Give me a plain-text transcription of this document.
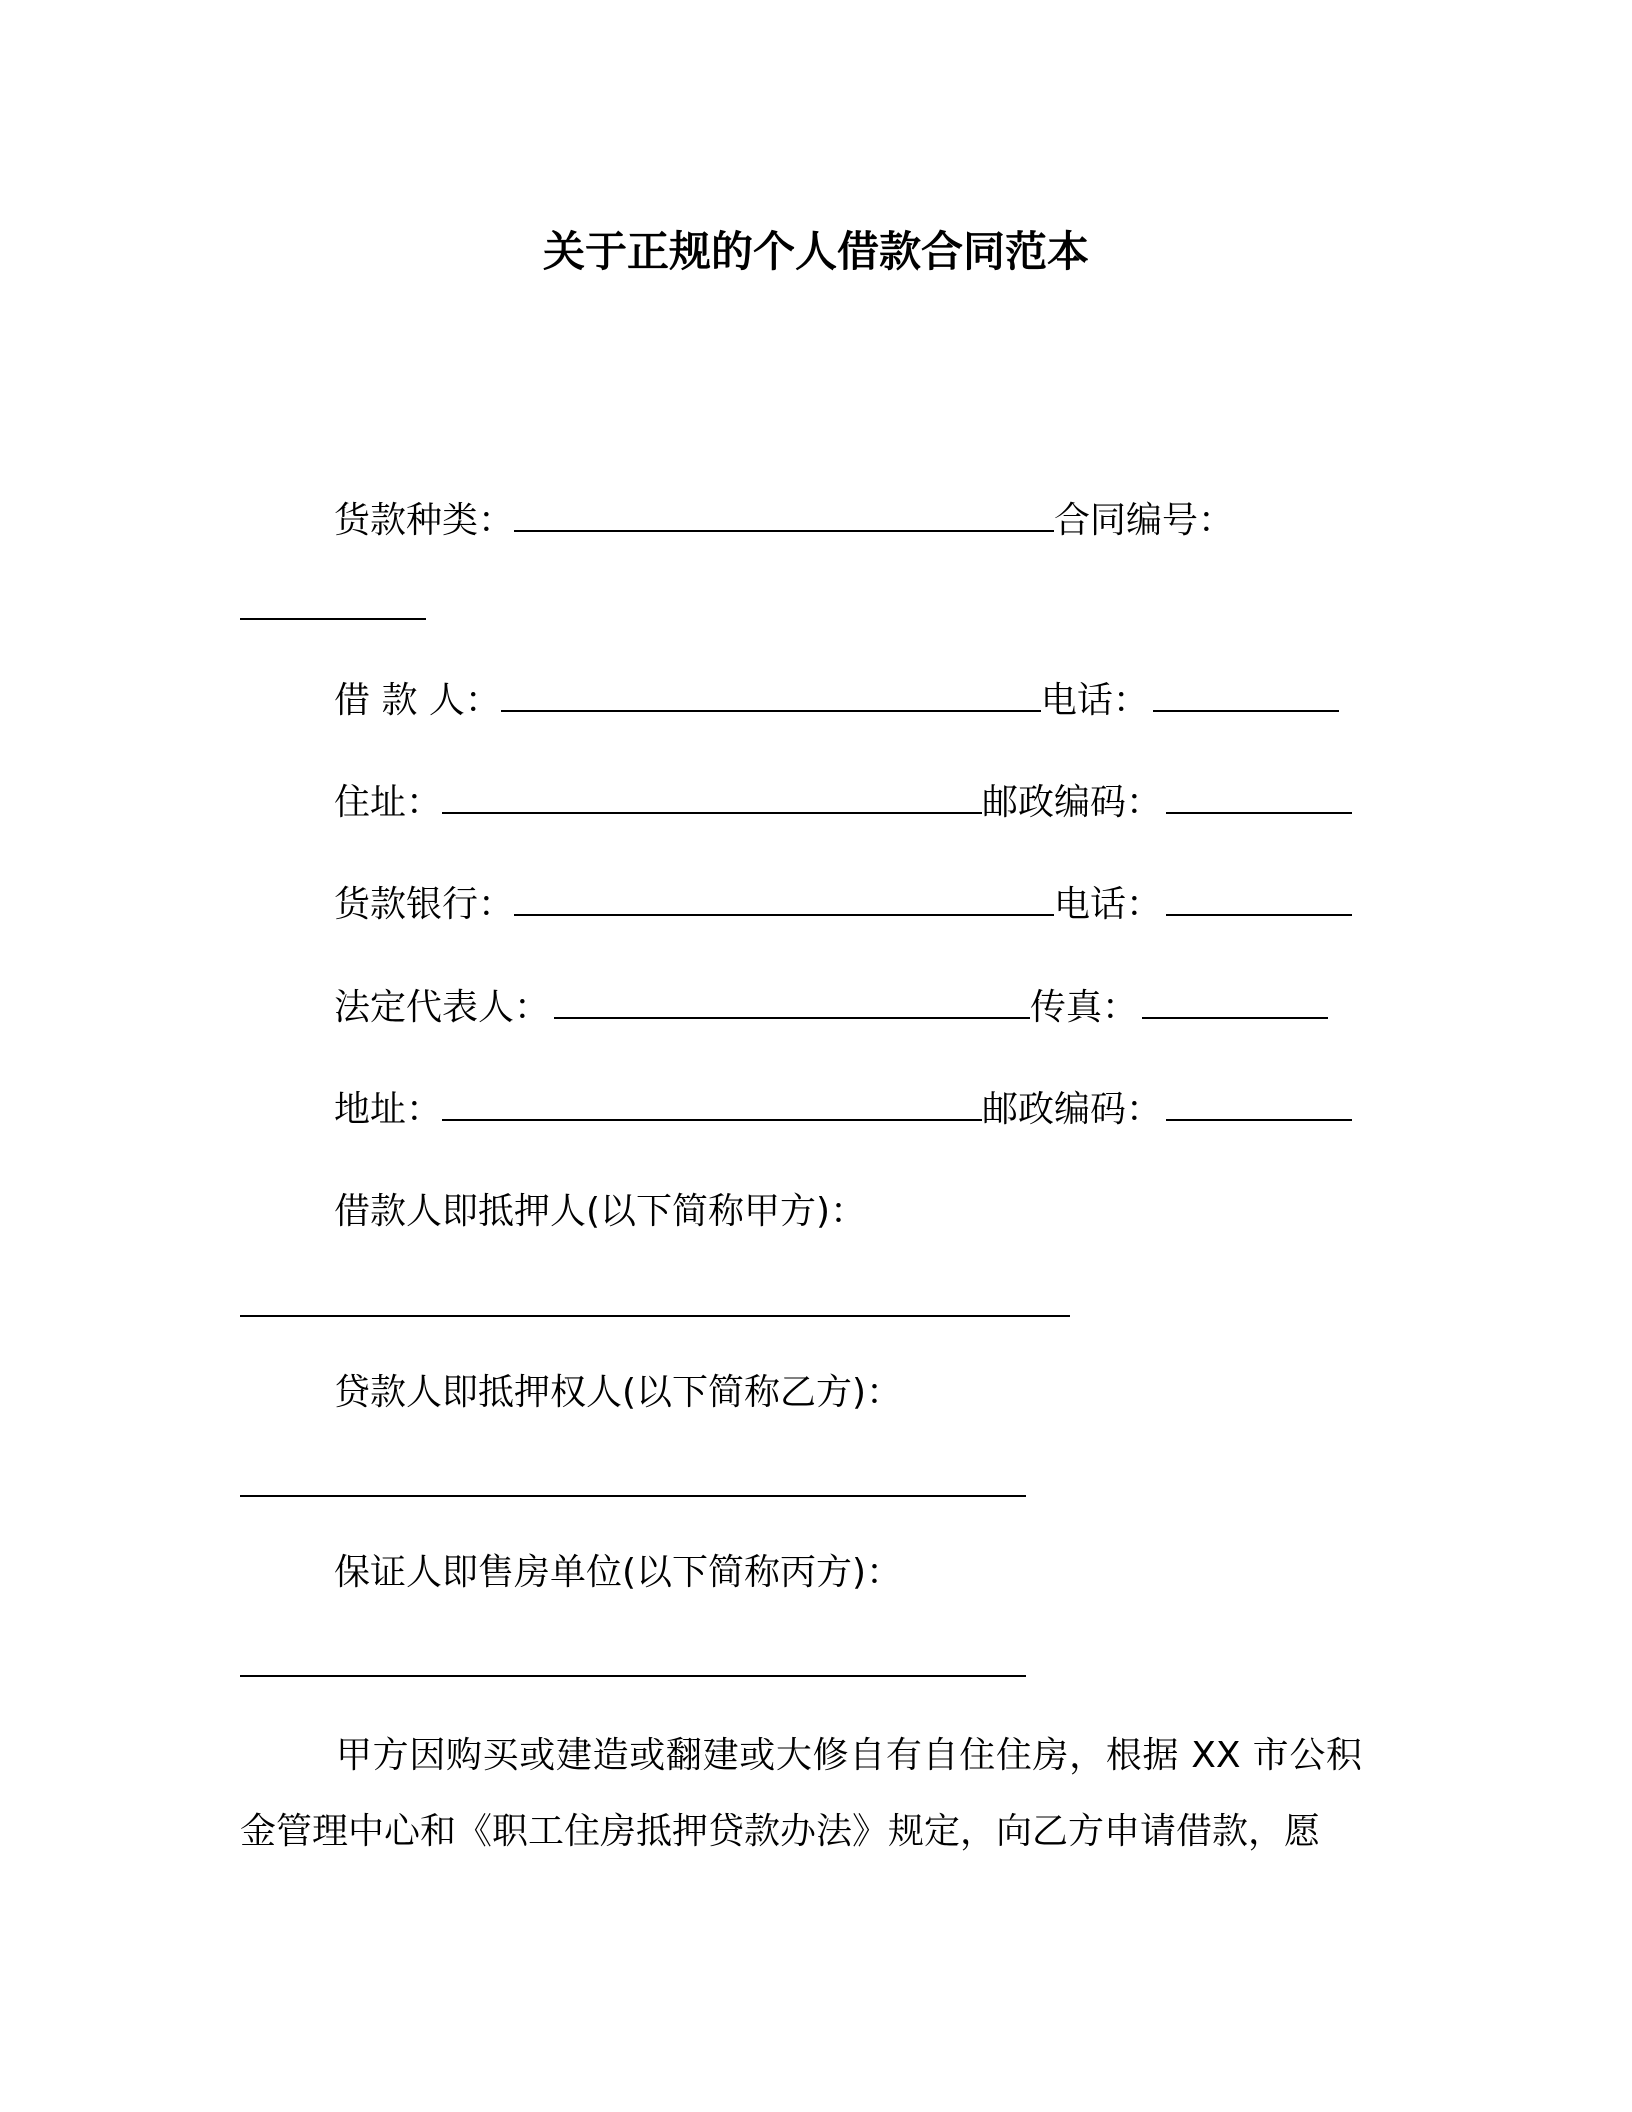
关于正规的个人借款合同范本
货款种类：	合同编号：
借 款 人：	电话：
住址：	邮政编码：
货款银行：	电话：
法定代表人：	传真：
地址：	邮政编码：
借款人即抵押人(以下简称甲方)：
贷款人即抵押权人(以下简称乙方)：
保证人即售房单位(以下简称丙方)：
甲方因购买或建造或翻建或大修自有自住住房，根据 XX 市公积金管理中心和《职工住房抵押贷款办法》规定，向乙方申请借款，愿
